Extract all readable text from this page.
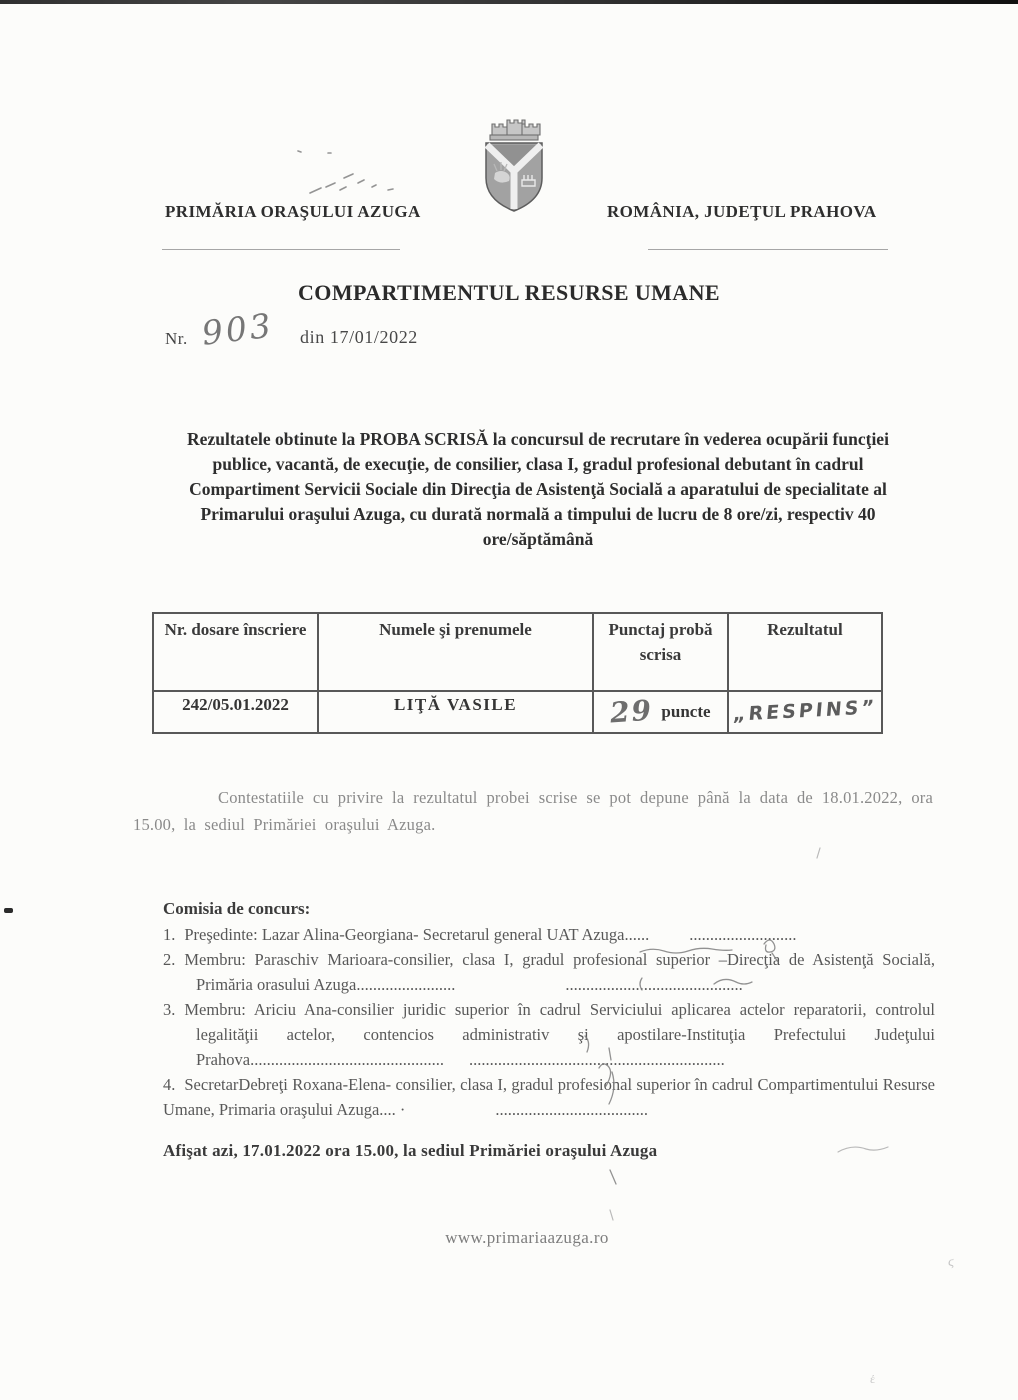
PRIMĂRIA ORAŞULUI AZUGA	ROMÂNIA, JUDEŢUL PRAHOVA
COMPARTIMENTUL RESURSE UMANE
Nr. 903 din 17/01/2022
Rezultatele obtinute la PROBA SCRISĂ la concursul de recrutare în vederea ocupării funcţiei publice, vacantă, de execuţie, de consilier, clasa I, gradul profesional debutant în cadrul Compartiment Servicii Sociale din Direcţia de Asistenţă Socială a aparatului de specialitate al Primarului oraşului Azuga, cu durată normală a timpului de lucru de 8 ore/zi, respectiv 40 ore/săptămână
Nr. dosare înscriere	Numele şi prenumele	Punctaj probă scrisa	Rezultatul
242/05.01.2022	LIŢĂ VASILE	29 puncte	„RESPINS”
Contestatiile cu privire la rezultatul probei scrise se pot depune până la data de 18.01.2022, ora 15.00, la sediul Primăriei oraşului Azuga.
Comisia de concurs:
1. Preşedinte: Lazar Alina-Georgiana- Secretarul general UAT Azuga...... ..........................
2. Membru: Paraschiv Marioara-consilier, clasa I, gradul profesional superior –Direcţia de Asistenţă Socială, Primăria orasului Azuga........................	...........................................
3. Membru: Ariciu Ana-consilier juridic superior în cadrul Serviciului aplicarea actelor reparatorii, controlul legalităţii actelor, contencios administrativ şi apostilare-Instituţia Prefectului Judeţului Prahova............................................... ..............................................................
4. SecretarDebreţi Roxana-Elena- consilier, clasa I, gradul profesional superior în cadrul Compartimentului Resurse Umane, Primaria oraşului Azuga.... ·	.....................................
Afişat azi, 17.01.2022 ora 15.00, la sediul Primăriei oraşului Azuga
www.primariaazuga.ro
ϛ
έ
